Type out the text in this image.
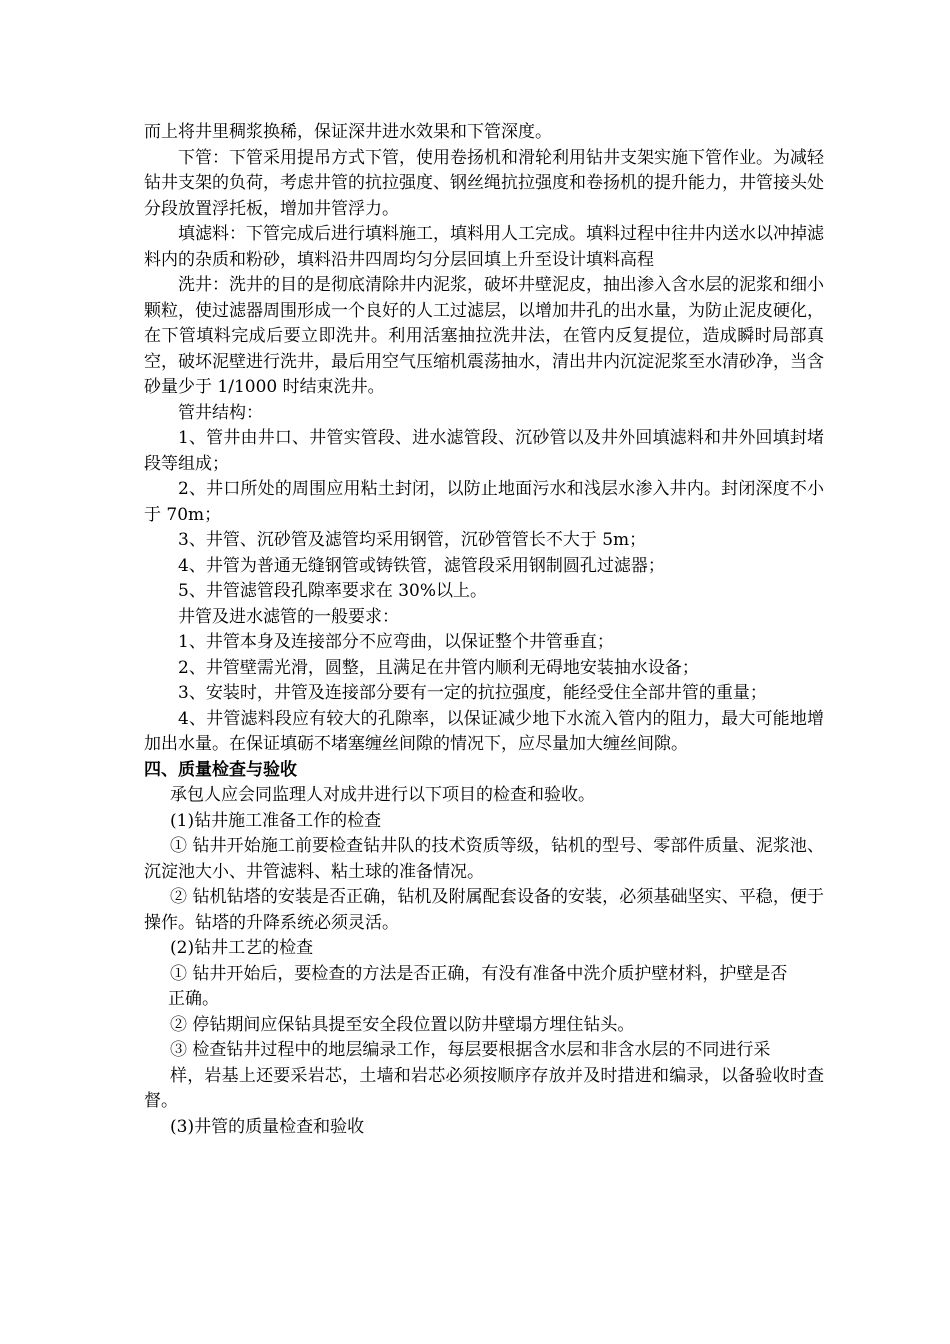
而上将井里稠浆换稀，保证深井进水效果和下管深度。

下管：下管采用提吊方式下管，使用卷扬机和滑轮利用钻井支架实施下管作业。为减轻钻井支架的负荷，考虑井管的抗拉强度、钢丝绳抗拉强度和卷扬机的提升能力，井管接头处分段放置浮托板，增加井管浮力。

填滤料：下管完成后进行填料施工，填料用人工完成。填料过程中往井内送水以冲掉滤料内的杂质和粉砂，填料沿井四周均匀分层回填上升至设计填料高程

洗井：洗井的目的是彻底清除井内泥浆，破坏井壁泥皮，抽出渗入含水层的泥浆和细小颗粒，使过滤器周围形成一个良好的人工过滤层，以增加井孔的出水量，为防止泥皮硬化，在下管填料完成后要立即洗井。利用活塞抽拉洗井法，在管内反复提位，造成瞬时局部真空，破坏泥壁进行洗井，最后用空气压缩机震荡抽水，清出井内沉淀泥浆至水清砂净，当含砂量少于 1/1000 时结束洗井。

管井结构：

1、管井由井口、井管实管段、进水滤管段、沉砂管以及井外回填滤料和井外回填封堵段等组成；

2、井口所处的周围应用粘土封闭，以防止地面污水和浅层水渗入井内。封闭深度不小于 70m；

3、井管、沉砂管及滤管均采用钢管，沉砂管管长不大于 5m；

4、井管为普通无缝钢管或铸铁管，滤管段采用钢制圆孔过滤器；

5、井管滤管段孔隙率要求在 30%以上。

井管及进水滤管的一般要求：

1、井管本身及连接部分不应弯曲，以保证整个井管垂直；

2、井管壁需光滑，圆整，且满足在井管内顺利无碍地安装抽水设备；

3、安装时，井管及连接部分要有一定的抗拉强度，能经受住全部井管的重量；

4、井管滤料段应有较大的孔隙率，以保证减少地下水流入管内的阻力，最大可能地增加出水量。在保证填砺不堵塞缠丝间隙的情况下，应尽量加大缠丝间隙。

四、质量检查与验收

承包人应会同监理人对成井进行以下项目的检查和验收。

(1)钻井施工准备工作的检查

① 钻井开始施工前要检查钻井队的技术资质等级，钻机的型号、零部件质量、泥浆池、沉淀池大小、井管滤料、粘土球的准备情况。

② 钻机钻塔的安装是否正确，钻机及附属配套设备的安装，必须基础坚实、平稳，便于操作。钻塔的升降系统必须灵活。

(2)钻井工艺的检查

① 钻井开始后，要检查的方法是否正确，有没有准备中洗介质护壁材料，护壁是否

正确。

② 停钻期间应保钻具提至安全段位置以防井壁塌方埋住钻头。

③ 检查钻井过程中的地层编录工作，每层要根据含水层和非含水层的不同进行采

样，岩基上还要采岩芯，土墙和岩芯必须按顺序存放并及时措进和编录，以备验收时查督。

(3)井管的质量检查和验收
